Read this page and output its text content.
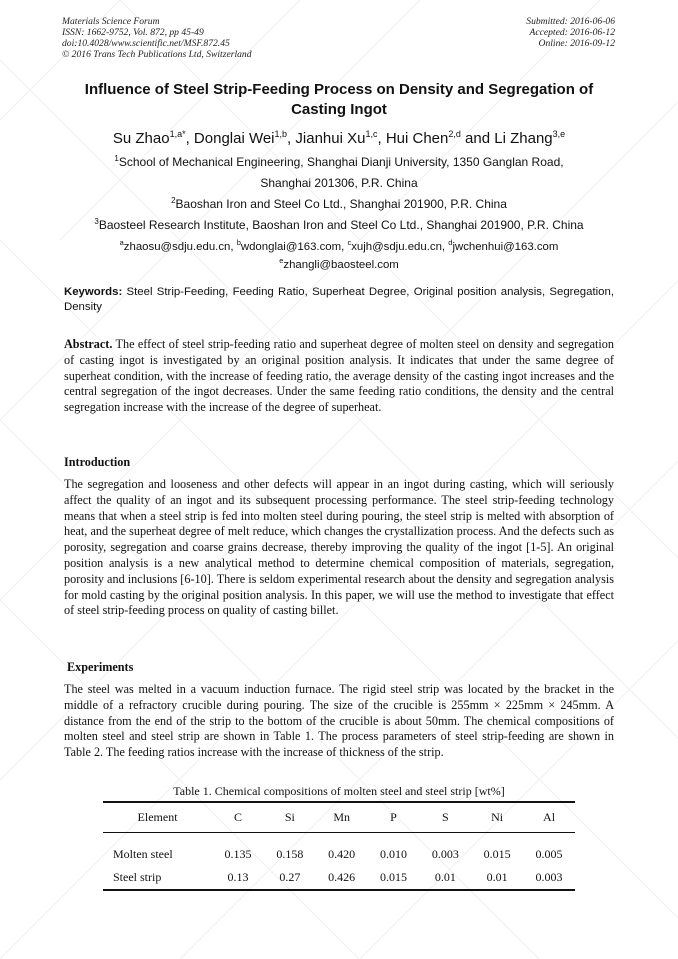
Materials Science Forum
ISSN: 1662-9752, Vol. 872, pp 45-49
doi:10.4028/www.scientific.net/MSF.872.45
© 2016 Trans Tech Publications Ltd, Switzerland
Submitted: 2016-06-06
Accepted: 2016-06-12
Online: 2016-09-12
Influence of Steel Strip-Feeding Process on Density and Segregation of Casting Ingot
Su Zhao$^{1,a*}$, Donglai Wei$^{1,b}$, Jianhui Xu$^{1,c}$, Hui Chen$^{2,d}$ and Li Zhang$^{3,e}$
$^1$School of Mechanical Engineering, Shanghai Dianji University, 1350 Ganglan Road,
Shanghai 201306, P.R. China
$^2$Baoshan Iron and Steel Co Ltd., Shanghai 201900, P.R. China
$^3$Baosteel Research Institute, Baoshan Iron and Steel Co Ltd., Shanghai 201900, P.R. China
$^a$zhaosu@sdju.edu.cn, $^b$wdonglai@163.com, $^c$xujh@sdju.edu.cn, $^d$jwchenhui@163.com
$^e$zhangli@baosteel.com
Keywords: Steel Strip-Feeding, Feeding Ratio, Superheat Degree, Original position analysis, Segregation, Density
Abstract. The effect of steel strip-feeding ratio and superheat degree of molten steel on density and segregation of casting ingot is investigated by an original position analysis. It indicates that under the same degree of superheat condition, with the increase of feeding ratio, the average density of the casting ingot increases and the central segregation of the ingot decreases. Under the same feeding ratio conditions, the density and the central segregation increase with the increase of the degree of superheat.
Introduction
The segregation and looseness and other defects will appear in an ingot during casting, which will seriously affect the quality of an ingot and its subsequent processing performance. The steel strip-feeding technology means that when a steel strip is fed into molten steel during pouring, the steel strip is melted with absorption of heat, and the superheat degree of melt reduce, which changes the crystallization process. And the defects such as porosity, segregation and coarse grains decrease, thereby improving the quality of the ingot [1-5]. An original position analysis is a new analytical method to determine chemical composition of materials, segregation, porosity and inclusions [6-10]. There is seldom experimental research about the density and segregation analysis for mold casting by the original position analysis. In this paper, we will use the method to investigate that effect of steel strip-feeding process on quality of casting billet.
Experiments
The steel was melted in a vacuum induction furnace. The rigid steel strip was located by the bracket in the middle of a refractory crucible during pouring. The size of the crucible is 255mm × 225mm × 245mm. A distance from the end of the strip to the bottom of the crucible is about 50mm. The chemical compositions of molten steel and steel strip are shown in Table 1. The process parameters of steel strip-feeding are shown in Table 2. The feeding ratios increase with the increase of thickness of the strip.
Table 1. Chemical compositions of molten steel and steel strip [wt%]
Element	C	Si	Mn	P	S	Ni	Al
Molten steel	0.135	0.158	0.420	0.010	0.003	0.015	0.005
Steel strip	0.13	0.27	0.426	0.015	0.01	0.01	0.003
